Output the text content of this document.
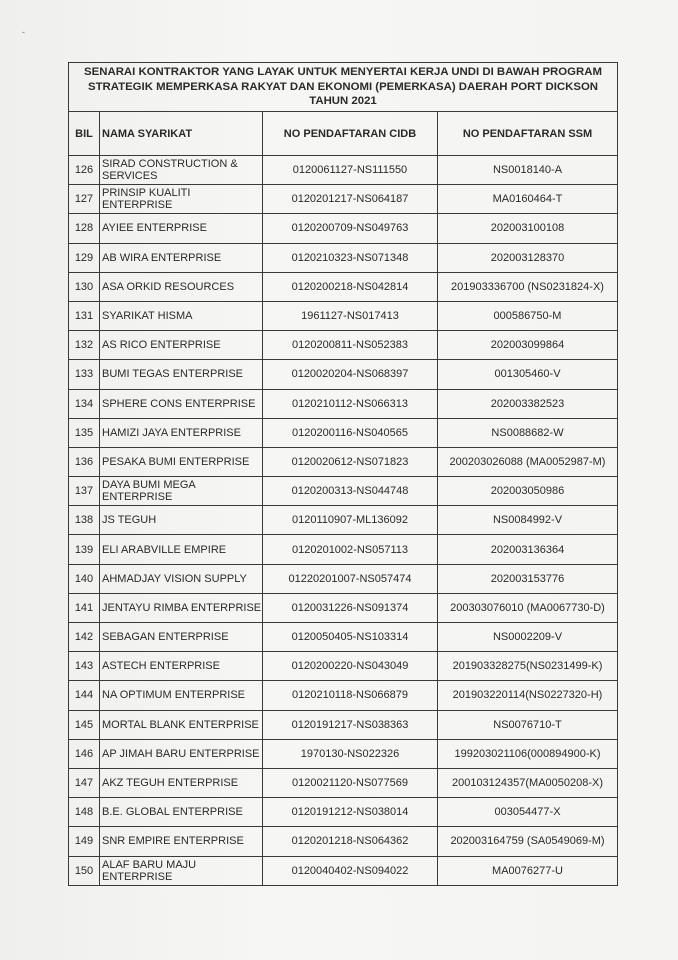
-
SENARAI KONTRAKTOR YANG LAYAK UNTUK MENYERTAI KERJA UNDI DI BAWAH PROGRAM
STRATEGIK MEMPERKASA RAKYAT DAN EKONOMI (PEMERKASA) DAERAH PORT DICKSON
TAHUN 2021
BIL	NAMA SYARIKAT	NO PENDAFTARAN CIDB	NO PENDAFTARAN SSM
126	SIRAD CONSTRUCTION & SERVICES	0120061127-NS111550	NS0018140-A
127	PRINSIP KUALITI ENTERPRISE	0120201217-NS064187	MA0160464-T
128	AYIEE ENTERPRISE	0120200709-NS049763	202003100108
129	AB WIRA ENTERPRISE	0120210323-NS071348	202003128370
130	ASA ORKID RESOURCES	0120200218-NS042814	201903336700 (NS0231824-X)
131	SYARIKAT HISMA	1961127-NS017413	000586750-M
132	AS RICO ENTERPRISE	0120200811-NS052383	202003099864
133	BUMI TEGAS ENTERPRISE	0120020204-NS068397	001305460-V
134	SPHERE CONS ENTERPRISE	0120210112-NS066313	202003382523
135	HAMIZI JAYA ENTERPRISE	0120200116-NS040565	NS0088682-W
136	PESAKA BUMI ENTERPRISE	0120020612-NS071823	200203026088 (MA0052987-M)
137	DAYA BUMI MEGA ENTERPRISE	0120200313-NS044748	202003050986
138	JS TEGUH	0120110907-ML136092	NS0084992-V
139	ELI ARABVILLE EMPIRE	0120201002-NS057113	202003136364
140	AHMADJAY VISION SUPPLY	01220201007-NS057474	202003153776
141	JENTAYU RIMBA ENTERPRISE	0120031226-NS091374	200303076010 (MA0067730-D)
142	SEBAGAN ENTERPRISE	0120050405-NS103314	NS0002209-V
143	ASTECH ENTERPRISE	0120200220-NS043049	201903328275(NS0231499-K)
144	NA OPTIMUM ENTERPRISE	0120210118-NS066879	201903220114(NS0227320-H)
145	MORTAL BLANK ENTERPRISE	0120191217-NS038363	NS0076710-T
146	AP JIMAH BARU ENTERPRISE	1970130-NS022326	199203021106(000894900-K)
147	AKZ TEGUH ENTERPRISE	0120021120-NS077569	200103124357(MA0050208-X)
148	B.E. GLOBAL ENTERPRISE	0120191212-NS038014	003054477-X
149	SNR EMPIRE ENTERPRISE	0120201218-NS064362	202003164759 (SA0549069-M)
150	ALAF BARU MAJU ENTERPRISE	0120040402-NS094022	MA0076277-U
